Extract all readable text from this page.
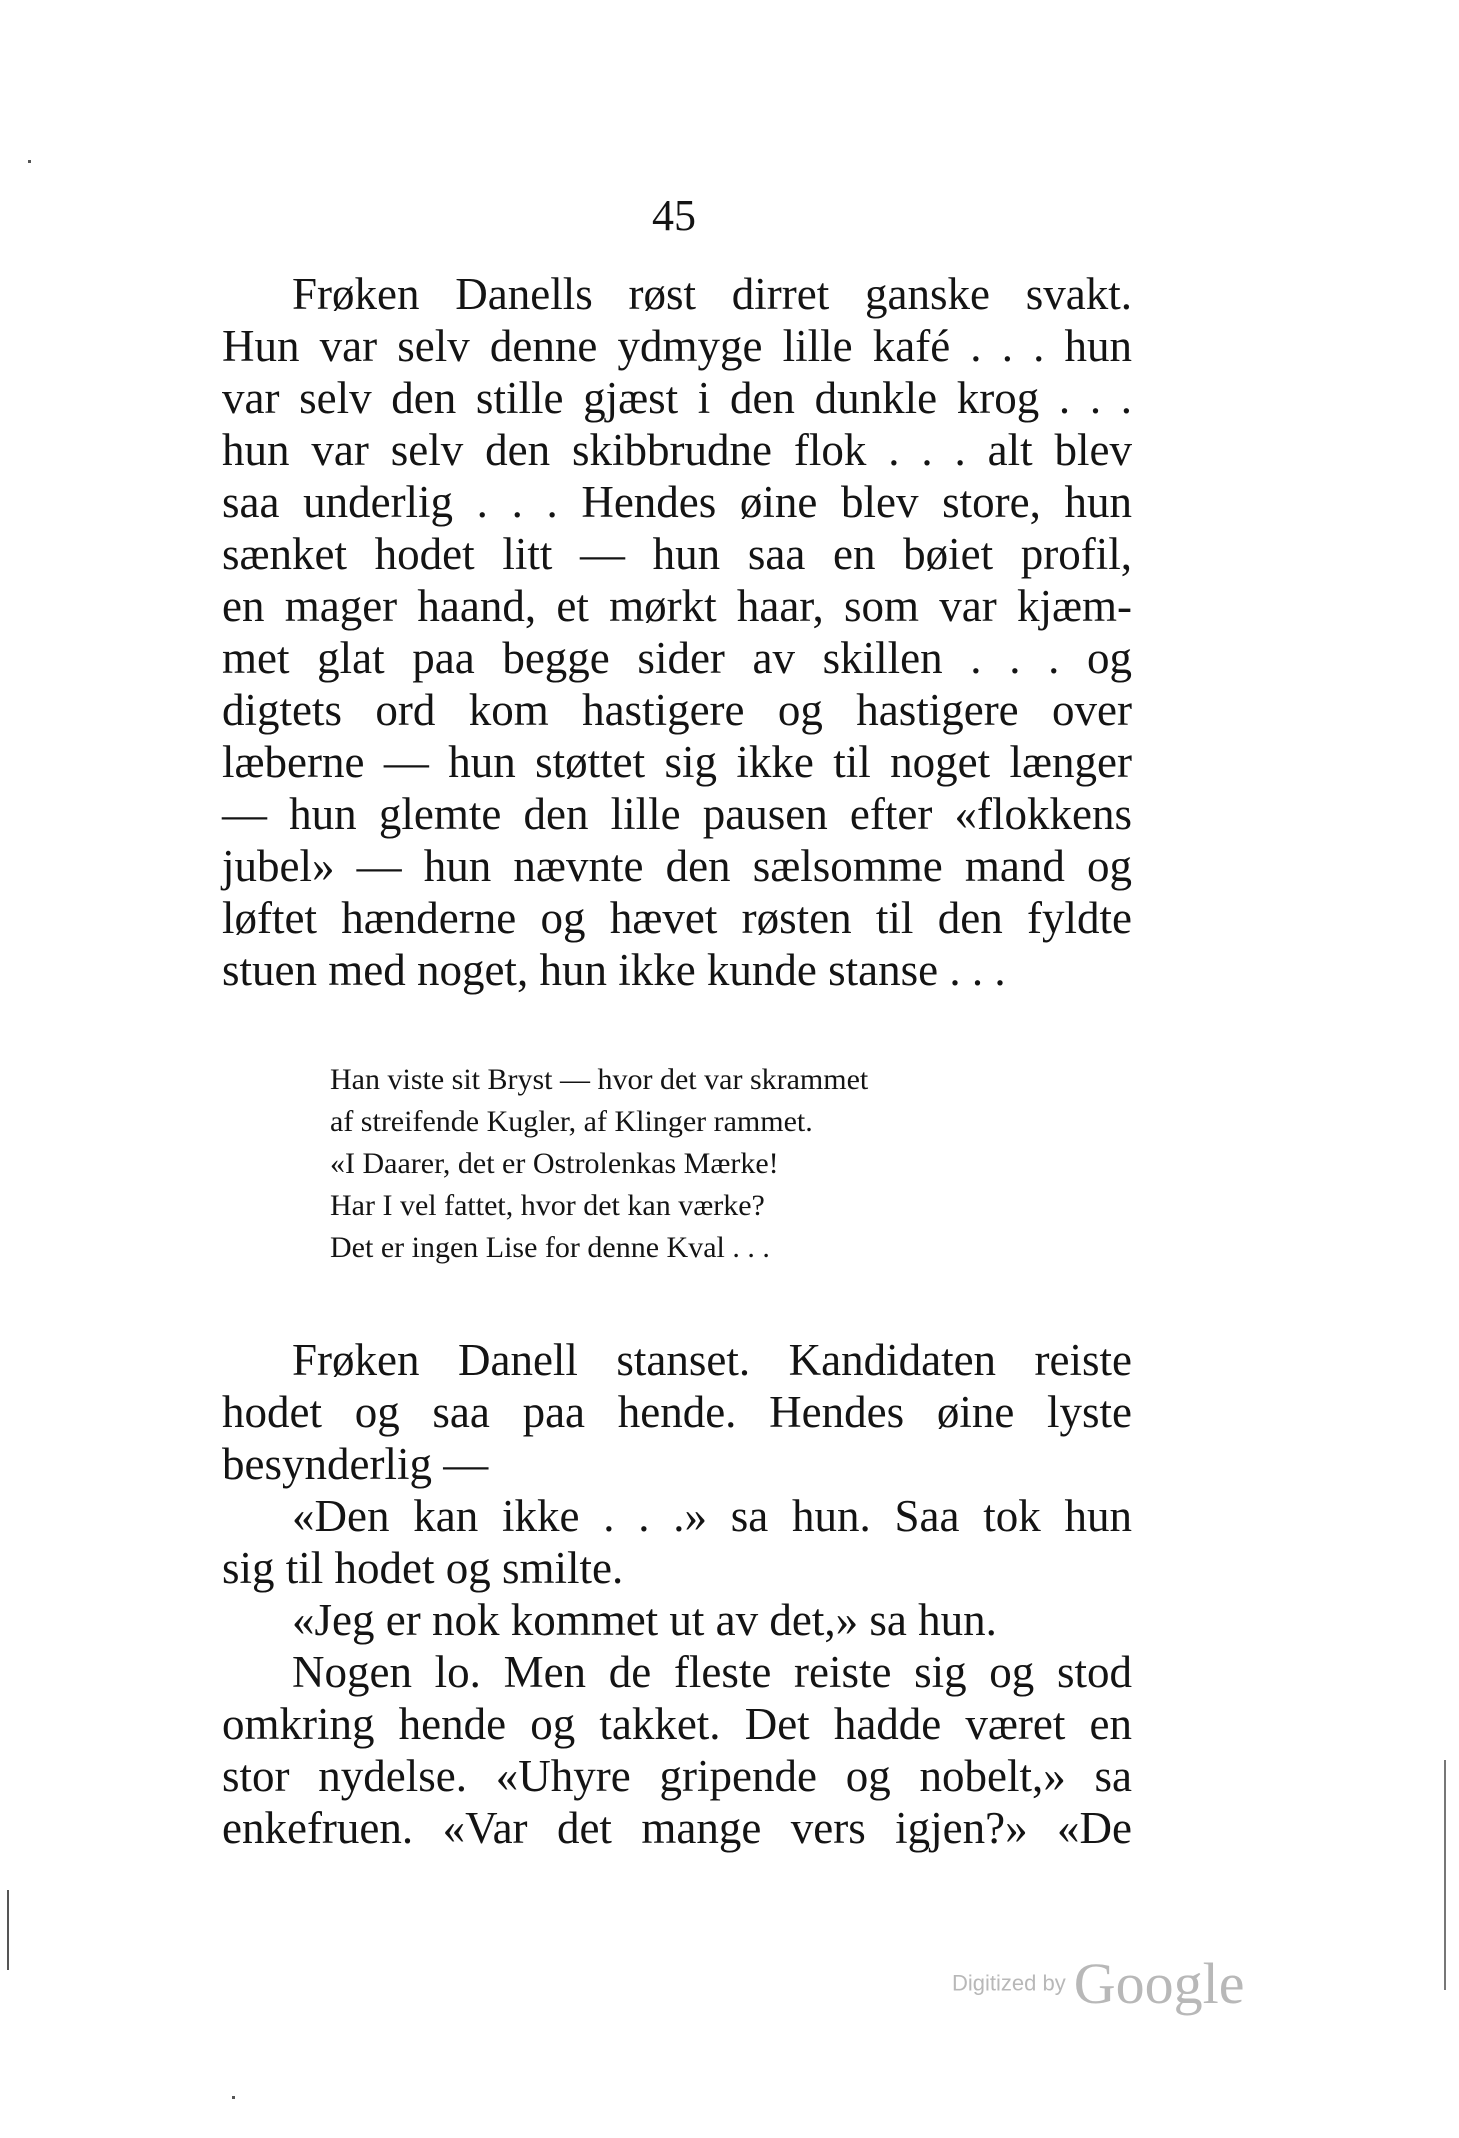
45
Frøken Danells røst dirret ganske svakt.
Hun var selv denne ydmyge lille kafé . . . hun
var selv den stille gjæst i den dunkle krog . . .
hun var selv den skibbrudne flok . . . alt blev
saa underlig . . . Hendes øine blev store, hun
sænket hodet litt — hun saa en bøiet profil,
en mager haand, et mørkt haar, som var kjæm-
met glat paa begge sider av skillen . . . og
digtets ord kom hastigere og hastigere over
læberne — hun støttet sig ikke til noget længer
— hun glemte den lille pausen efter «flokkens
jubel» — hun nævnte den sælsomme mand og
løftet hænderne og hævet røsten til den fyldte
stuen med noget, hun ikke kunde stanse . . .
Han viste sit Bryst — hvor det var skrammet
af streifende Kugler, af Klinger rammet.
«I Daarer, det er Ostrolenkas Mærke!
Har I vel fattet, hvor det kan værke?
Det er ingen Lise for denne Kval . . .
Frøken Danell stanset. Kandidaten reiste
hodet og saa paa hende. Hendes øine lyste
besynderlig —
«Den kan ikke . . .» sa hun. Saa tok hun
sig til hodet og smilte.
«Jeg er nok kommet ut av det,» sa hun.
Nogen lo. Men de fleste reiste sig og stod
omkring hende og takket. Det hadde været en
stor nydelse. «Uhyre gripende og nobelt,» sa
enkefruen. «Var det mange vers igjen?» «De
Digitized by Google
